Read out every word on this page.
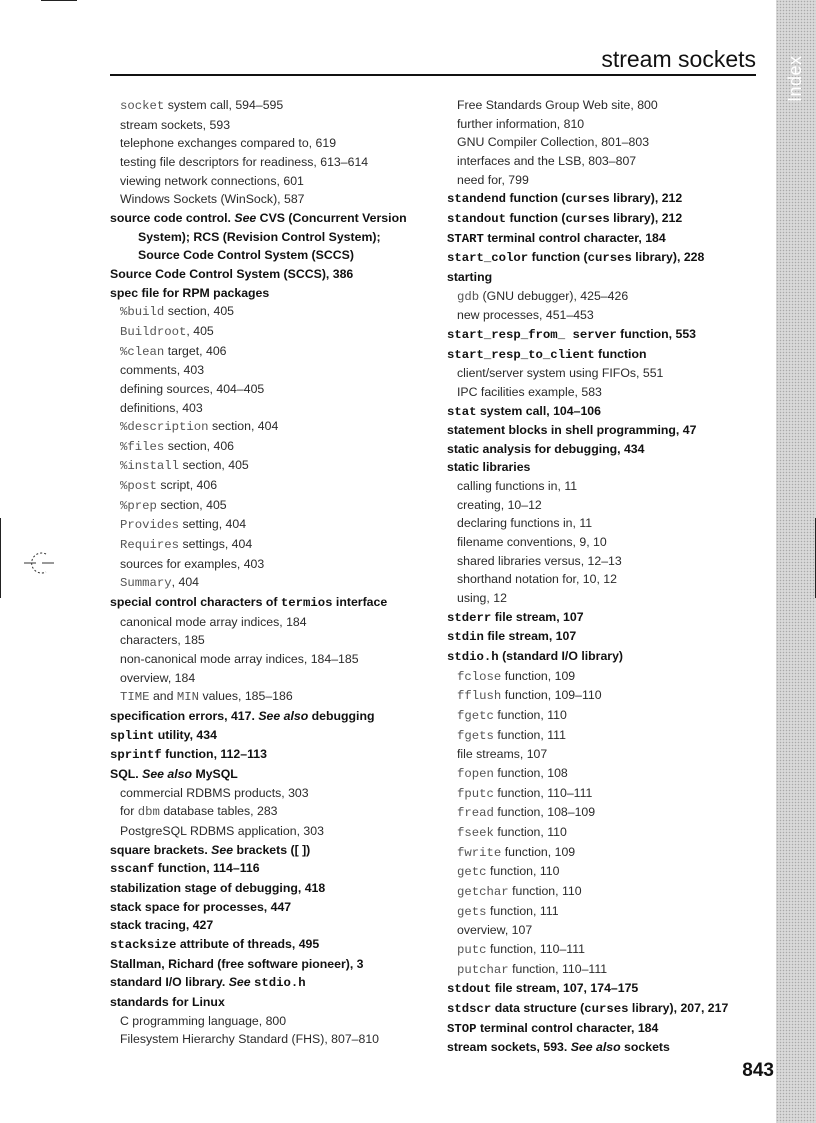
Index
stream sockets
socket system call, 594–595
stream sockets, 593
telephone exchanges compared to, 619
testing file descriptors for readiness, 613–614
viewing network connections, 601
Windows Sockets (WinSock), 587
source code control. See CVS (Concurrent Version
System); RCS (Revision Control System);
Source Code Control System (SCCS)
Source Code Control System (SCCS), 386
spec file for RPM packages
%build section, 405
Buildroot, 405
%clean target, 406
comments, 403
defining sources, 404–405
definitions, 403
%description section, 404
%files section, 406
%install section, 405
%post script, 406
%prep section, 405
Provides setting, 404
Requires settings, 404
sources for examples, 403
Summary, 404
special control characters of termios interface
canonical mode array indices, 184
characters, 185
non-canonical mode array indices, 184–185
overview, 184
TIME and MIN values, 185–186
specification errors, 417. See also debugging
splint utility, 434
sprintf function, 112–113
SQL. See also MySQL
commercial RDBMS products, 303
for dbm database tables, 283
PostgreSQL RDBMS application, 303
square brackets. See brackets ([ ])
sscanf function, 114–116
stabilization stage of debugging, 418
stack space for processes, 447
stack tracing, 427
stacksize attribute of threads, 495
Stallman, Richard (free software pioneer), 3
standard I/O library. See stdio.h
standards for Linux
C programming language, 800
Filesystem Hierarchy Standard (FHS), 807–810
Free Standards Group Web site, 800
further information, 810
GNU Compiler Collection, 801–803
interfaces and the LSB, 803–807
need for, 799
standend function (curses library), 212
standout function (curses library), 212
START terminal control character, 184
start_color function (curses library), 228
starting
gdb (GNU debugger), 425–426
new processes, 451–453
start_resp_from_ server function, 553
start_resp_to_client function
client/server system using FIFOs, 551
IPC facilities example, 583
stat system call, 104–106
statement blocks in shell programming, 47
static analysis for debugging, 434
static libraries
calling functions in, 11
creating, 10–12
declaring functions in, 11
filename conventions, 9, 10
shared libraries versus, 12–13
shorthand notation for, 10, 12
using, 12
stderr file stream, 107
stdin file stream, 107
stdio.h (standard I/O library)
fclose function, 109
fflush function, 109–110
fgetc function, 110
fgets function, 111
file streams, 107
fopen function, 108
fputc function, 110–111
fread function, 108–109
fseek function, 110
fwrite function, 109
getc function, 110
getchar function, 110
gets function, 111
overview, 107
putc function, 110–111
putchar function, 110–111
stdout file stream, 107, 174–175
stdscr data structure (curses library), 207, 217
STOP terminal control character, 184
stream sockets, 593. See also sockets
843
